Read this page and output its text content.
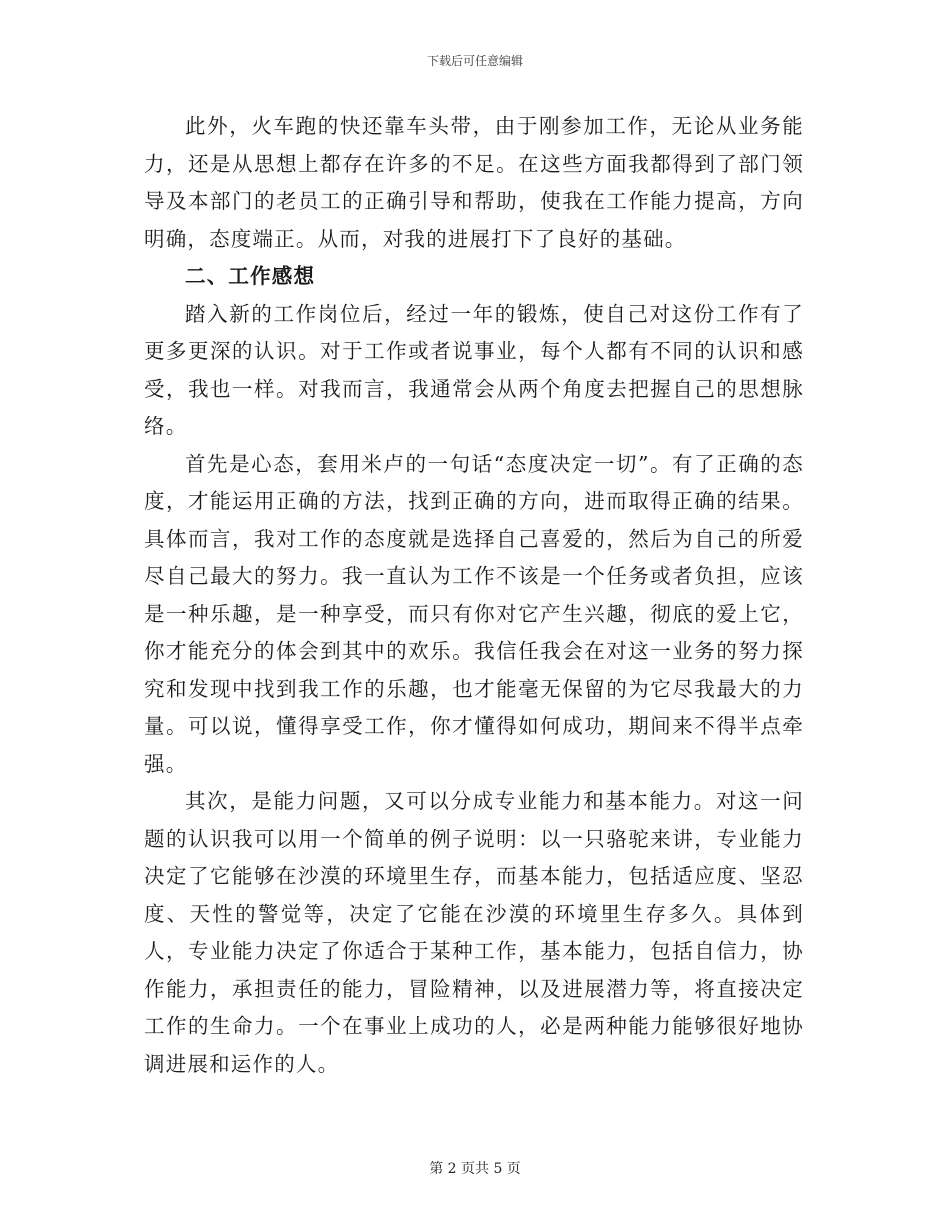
下载后可任意编辑

此外，火车跑的快还靠车头带，由于刚参加工作，无论从业务能力，还是从思想上都存在许多的不足。在这些方面我都得到了部门领导及本部门的老员工的正确引导和帮助，使我在工作能力提高，方向明确，态度端正。从而，对我的进展打下了良好的基础。

二、工作感想

踏入新的工作岗位后，经过一年的锻炼，使自己对这份工作有了更多更深的认识。对于工作或者说事业，每个人都有不同的认识和感受，我也一样。对我而言，我通常会从两个角度去把握自己的思想脉络。

首先是心态，套用米卢的一句话“态度决定一切”。有了正确的态度，才能运用正确的方法，找到正确的方向，进而取得正确的结果。具体而言，我对工作的态度就是选择自己喜爱的，然后为自己的所爱尽自己最大的努力。我一直认为工作不该是一个任务或者负担，应该是一种乐趣，是一种享受，而只有你对它产生兴趣，彻底的爱上它，你才能充分的体会到其中的欢乐。我信任我会在对这一业务的努力探究和发现中找到我工作的乐趣，也才能毫无保留的为它尽我最大的力量。可以说，懂得享受工作，你才懂得如何成功，期间来不得半点牵强。

其次，是能力问题，又可以分成专业能力和基本能力。对这一问题的认识我可以用一个简单的例子说明：以一只骆驼来讲，专业能力决定了它能够在沙漠的环境里生存，而基本能力，包括适应度、坚忍度、天性的警觉等，决定了它能在沙漠的环境里生存多久。具体到人，专业能力决定了你适合于某种工作，基本能力，包括自信力，协作能力，承担责任的能力，冒险精神，以及进展潜力等，将直接决定工作的生命力。一个在事业上成功的人，必是两种能力能够很好地协调进展和运作的人。

第 2 页共 5 页
